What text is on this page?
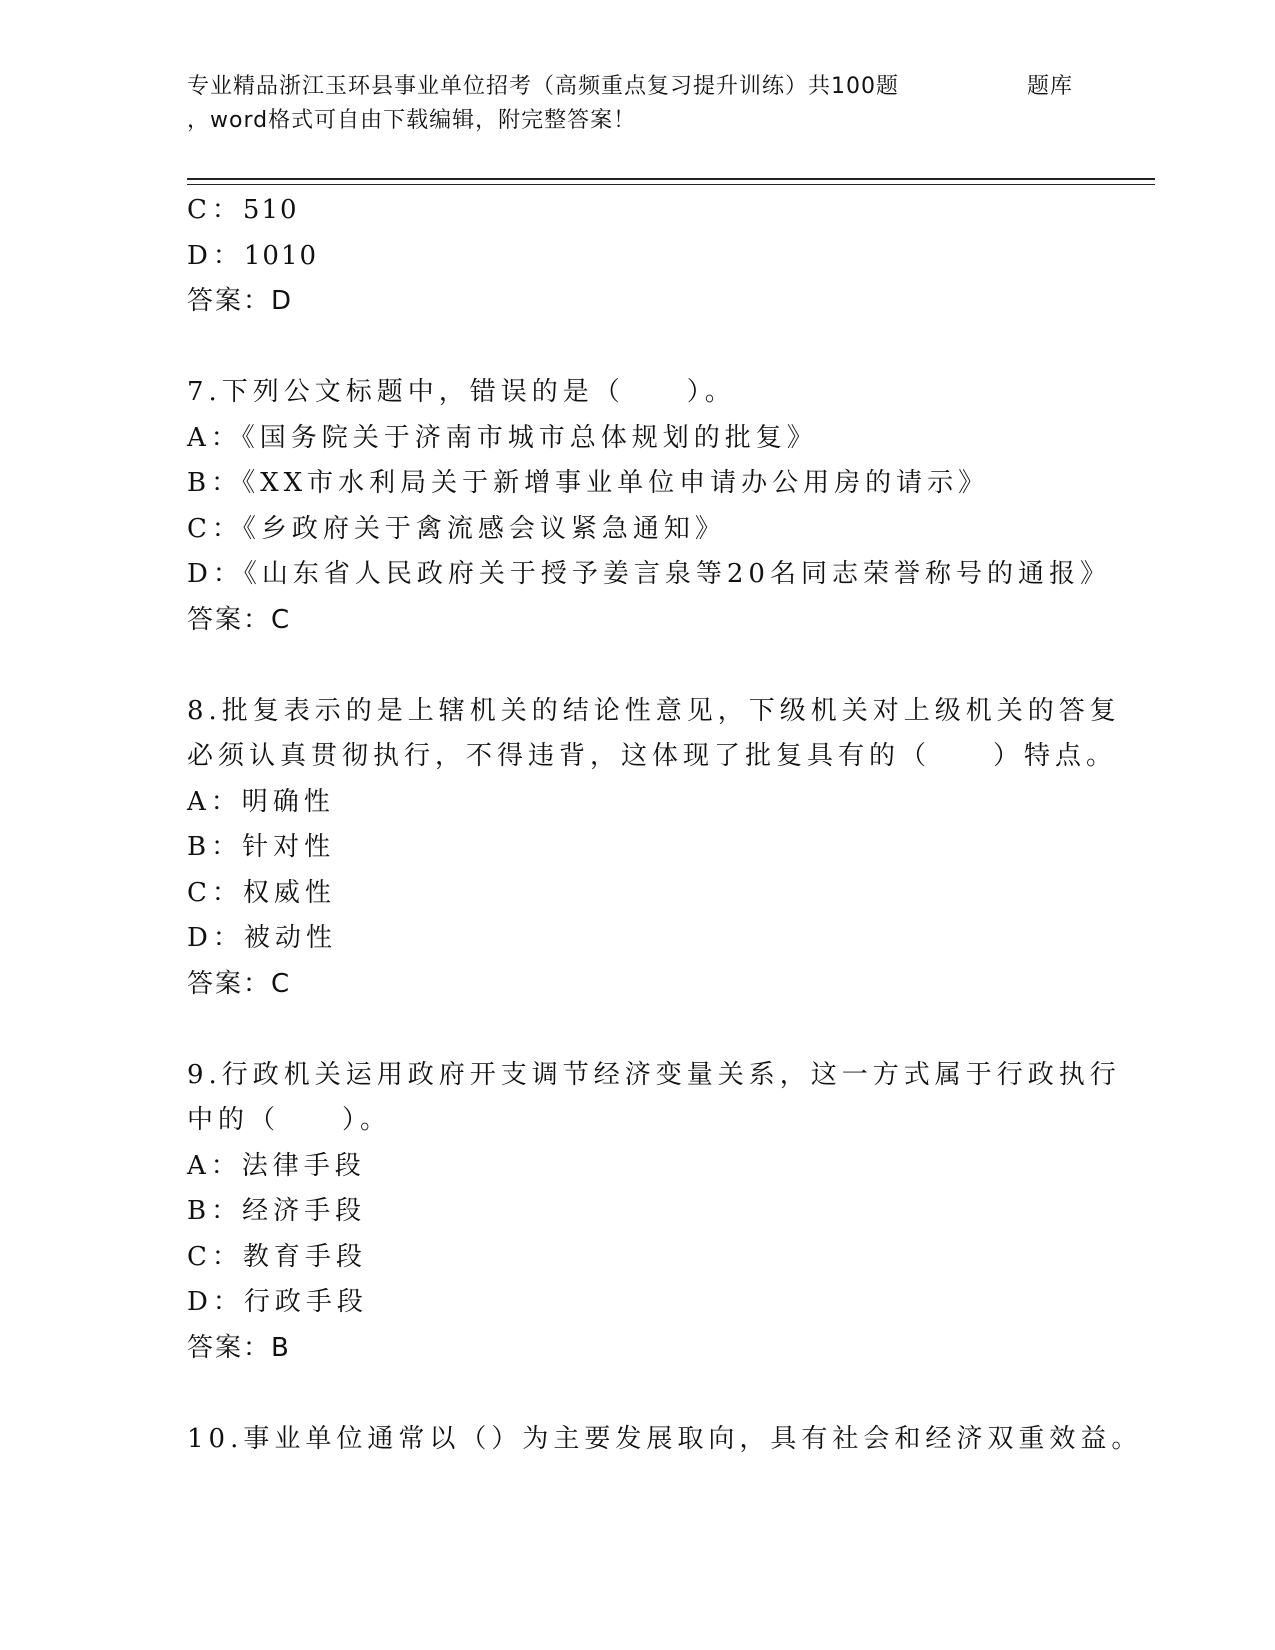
专业精品浙江玉环县事业单位招考（高频重点复习提升训练）共100题	题库
，word格式可自由下载编辑，附完整答案！
C：510
D：1010
答案：D
7.下列公文标题中，错误的是（　　）。
A：《国务院关于济南市城市总体规划的批复》
B：《XX市水利局关于新增事业单位申请办公用房的请示》
C：《乡政府关于禽流感会议紧急通知》
D：《山东省人民政府关于授予姜言泉等20名同志荣誉称号的通报》
答案：C
8.批复表示的是上辖机关的结论性意见，下级机关对上级机关的答复
必须认真贯彻执行，不得违背，这体现了批复具有的（　　）特点。
A：明确性
B：针对性
C：权威性
D：被动性
答案：C
9.行政机关运用政府开支调节经济变量关系，这一方式属于行政执行
中的（　　）。
A：法律手段
B：经济手段
C：教育手段
D：行政手段
答案：B
10.事业单位通常以（）为主要发展取向，具有社会和经济双重效益。
